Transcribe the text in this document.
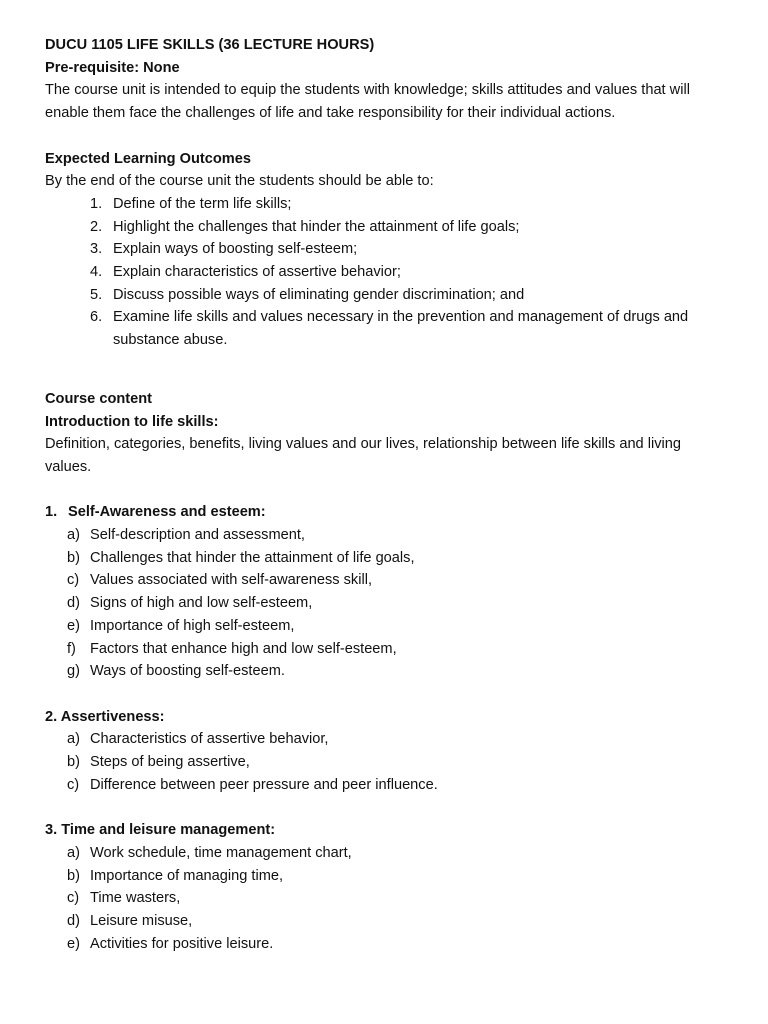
DUCU 1105 LIFE SKILLS (36 LECTURE HOURS)

Pre-requisite: None

The course unit is intended to equip the students with knowledge; skills attitudes and values that will enable them face the challenges of life and take responsibility for their individual actions.

Expected Learning Outcomes

By the end of the course unit the students should be able to:

1. Define of the term life skills;
2. Highlight the challenges that hinder the attainment of life goals;
3. Explain ways of boosting self-esteem;
4. Explain characteristics of assertive behavior;
5. Discuss possible ways of eliminating gender discrimination; and
6. Examine life skills and values necessary in the prevention and management of drugs and substance abuse.

Course content

Introduction to life skills:

Definition, categories, benefits, living values and our lives, relationship between life skills and living values.

1. Self-Awareness and esteem:

a) Self-description and assessment,
b) Challenges that hinder the attainment of life goals,
c) Values associated with self-awareness skill,
d) Signs of high and low self-esteem,
e) Importance of high self-esteem,
f) Factors that enhance high and low self-esteem,
g) Ways of boosting self-esteem.

2. Assertiveness:

a) Characteristics of assertive behavior,
b) Steps of being assertive,
c) Difference between peer pressure and peer influence.

3. Time and leisure management:

a) Work schedule, time management chart,
b) Importance of managing time,
c) Time wasters,
d) Leisure misuse,
e) Activities for positive leisure.
